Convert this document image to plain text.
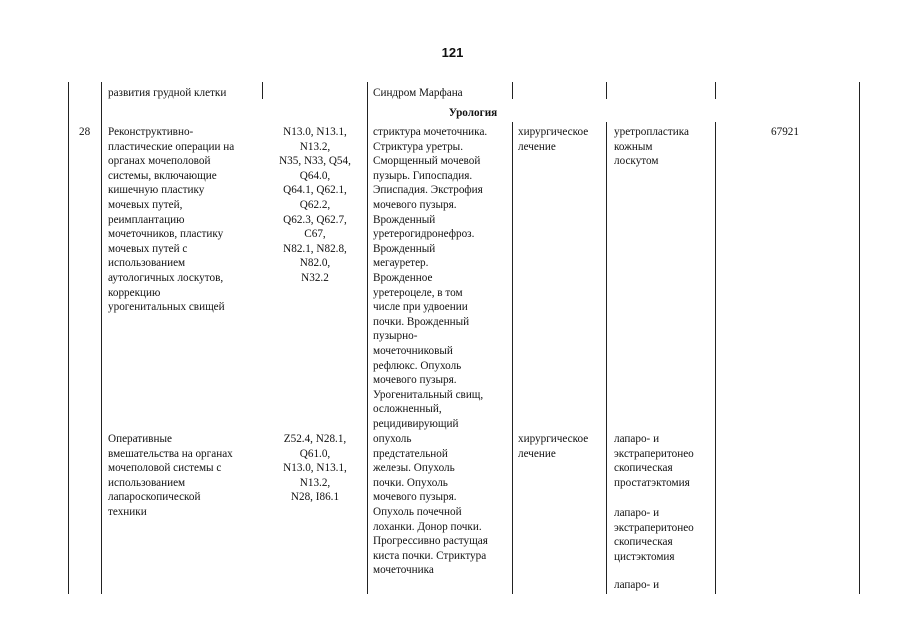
121
развития грудной клетки	Синдром Марфана
Урология
28 Реконструктивно-
пластические операции на
органах мочеполовой
системы, включающие
кишечную пластику
мочевых путей,
реимплантацию
мочеточников, пластику
мочевых путей с
использованием
аутологичных лоскутов,
коррекцию
урогенитальных свищей
N13.0, N13.1,
N13.2,
N35, N33, Q54,
Q64.0,
Q64.1, Q62.1,
Q62.2,
Q62.3, Q62.7,
C67,
N82.1, N82.8,
N82.0,
N32.2
стриктура мочеточника.
Стриктура уретры.
Сморщенный мочевой
пузырь. Гипоспадия.
Эписпадия. Экстрофия
мочевого пузыря.
Врожденный
уретерогидронефроз.
Врожденный
мегауретер.
Врожденное
уретероцеле, в том
числе при удвоении
почки. Врожденный
пузырно-
мочеточниковый
рефлюкс. Опухоль
мочевого пузыря.
Урогенитальный свищ,
осложненный,
рецидивирующий
хирургическое
лечение
уретропластика
кожным
лоскутом
67921
Оперативные
вмешательства на органах
мочеполовой системы с
использованием
лапароскопической
техники
Z52.4, N28.1,
Q61.0,
N13.0, N13.1,
N13.2,
N28, I86.1
опухоль
предстательной
железы. Опухоль
почки. Опухоль
мочевого пузыря.
Опухоль почечной
лоханки. Донор почки.
Прогрессивно растущая
киста почки. Стриктура
мочеточника
хирургическое
лечение
лапаро- и
экстраперитонео
скопическая
простатэктомия
лапаро- и
экстраперитонео
скопическая
цистэктомия
лапаро- и
